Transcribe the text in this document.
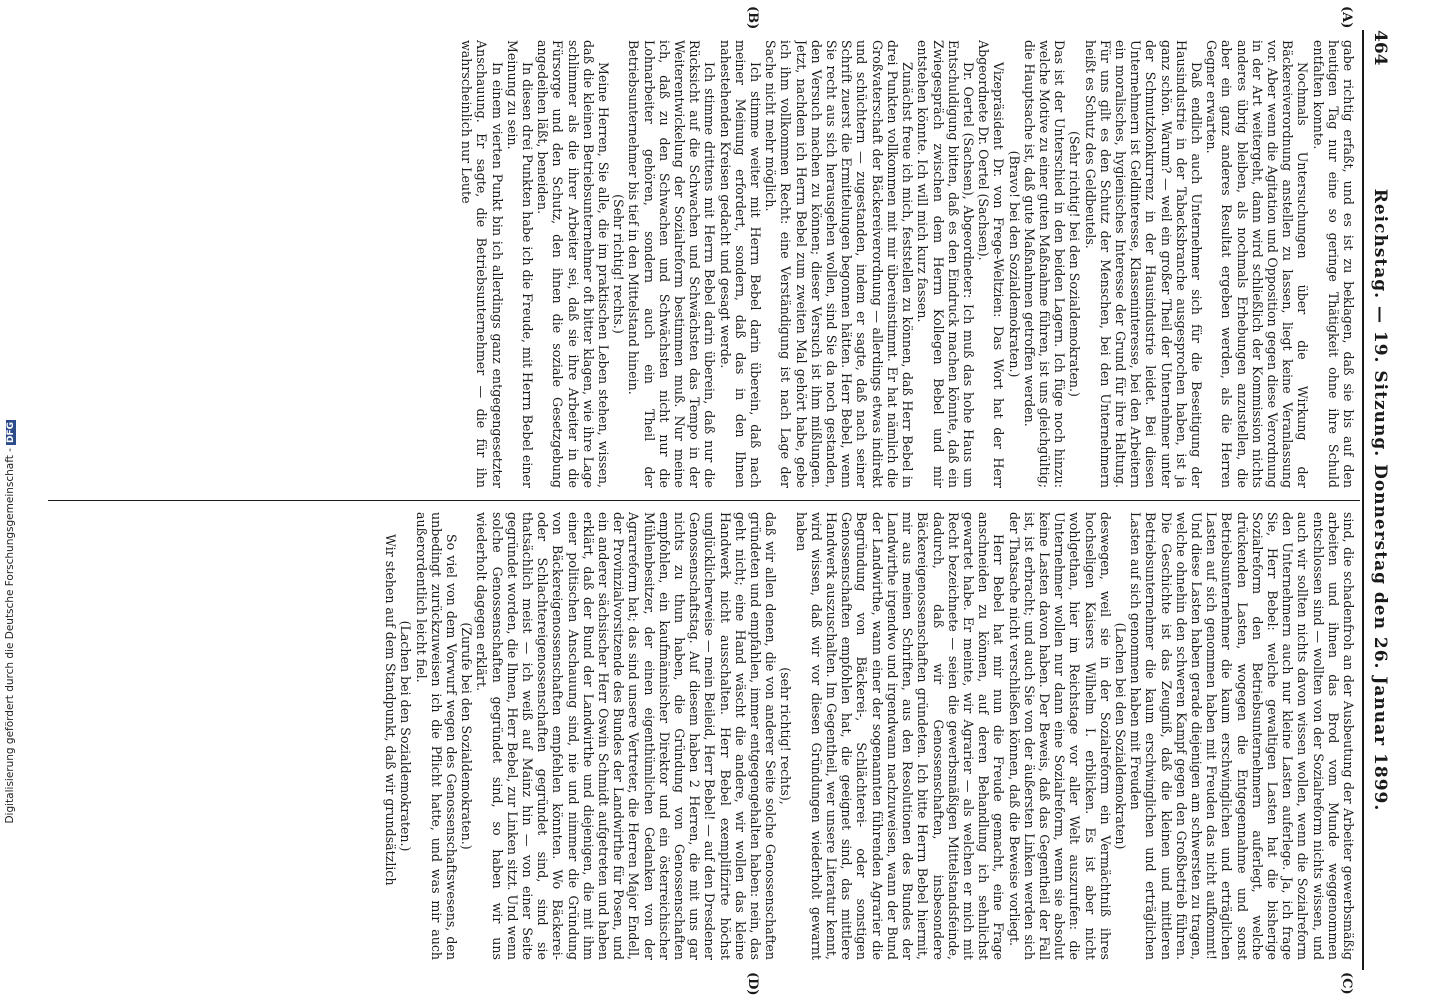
464
Reichstag. — 19. Sitzung. Donnerstag den 26. Januar 1899.
(A)
(B)
(C)
(D)

gabe richtig erfaßt, und es ist zu beklagen, daß sie bis auf den heutigen Tag nur eine so geringe Thätigkeit ohne ihre Schuld entfalten konnte.

Nochmals Untersuchungen über die Wirkung der Bäckereiverordnung anstellen zu lassen, liegt keine Veranlassung vor. Aber wenn die Agitation und Opposition gegen diese Verordnung in der Art weitergeht, dann wird schließlich der Kommission nichts anderes übrig bleiben, als nochmals Erhebungen anzustellen, die aber ein ganz anderes Resultat ergeben werden, als die Herren Gegner erwarten.

Daß endlich auch Unternehmer sich für die Beseitigung der Hausindustrie in der Tabacksbranche ausgesprochen haben, ist ja ganz schön. Warum? — weil ein großer Theil der Unternehmer unter der Schmutzkonkurrenz in der Hausindustrie leidet. Bei diesen Unternehmern ist Geldinteresse, Klasseninteresse, bei den Arbeitern ein moralisches, hygienisches Interesse der Grund für ihre Haltung. Für uns gilt es den Schutz der Menschen, bei den Unternehmern heißt es Schutz des Geldbeutels.

(Sehr richtig! bei den Sozialdemokraten.)

Das ist der Unterschied in den beiden Lagern. Ich füge noch hinzu: welche Motive zu einer guten Maßnahme führen, ist uns gleichgültig; die Hauptsache ist, daß gute Maßnahmen getroffen werden.

(Bravo! bei den Sozialdemokraten.)

Vizepräsident Dr. von Frege-Weltzien: Das Wort hat der Herr Abgeordnete Dr. Oertel (Sachsen).

Dr. Oertel (Sachsen), Abgeordneter: Ich muß das hohe Haus um Entschuldigung bitten, daß es den Eindruck machen könnte, daß ein Zwiegespräch zwischen dem Herrn Kollegen Bebel und mir entstehen könnte. Ich will mich kurz fassen.

Zunächst freue ich mich, feststellen zu können, daß Herr Bebel in drei Punkten vollkommen mit mir übereinstimmt. Er hat nämlich die Großvaterschaft der Bäckereiverordnung — allerdings etwas indirekt und schüchtern — zugestanden, indem er sagte, daß nach seiner Schrift zuerst die Ermittelungen begonnen hätten. Herr Bebel, wenn Sie recht aus sich herausgehen wollen, sind Sie da noch gestanden, den Versuch machen zu können; dieser Versuch ist ihm mißlungen. Jetzt, nachdem ich Herrn Bebel zum zweiten Mal gehört habe, gebe ich ihm vollkommen Recht: eine Verständigung ist nach Lage der Sache nicht mehr möglich.

Ich stimme weiter mit Herrn Bebel darin überein, daß nach meiner Meinung erfordert, sondern, daß das in den Ihnen nahestehenden Kreisen gedacht und gesagt werde.

Ich stimme drittens mit Herrn Bebel darin überein, daß nur die Rücksicht auf die Schwachen und Schwächsten das Tempo in der Weiterentwickelung der Sozialreform bestimmen muß. Nur meine ich, daß zu den Schwachen und Schwächsten nicht nur die Lohnarbeiter gehören, sondern auch ein Theil der Betriebsunternehmer bis tief in den Mittelstand hinein.

(Sehr richtig! rechts.)

Meine Herren, Sie alle, die im praktischen Leben stehen, wissen, daß die kleinen Betriebsunternehmer oft bitter klagen, wie ihre Lage schlimmer als die ihrer Arbeiter sei, daß sie ihre Arbeiter in die Fürsorge und den Schutz, den ihnen die soziale Gesetzgebung angedeihen läßt, beneiden.

In diesen drei Punkten habe ich die Freude, mit Herrn Bebel einer Meinung zu sein.

In einem vierten Punkt bin ich allerdings ganz entgegengesetzter Anschauung. Er sagte, die Betriebsunternehmer — die für ihn wahrscheinlich nur Leute

sind, die schadenfroh an der Ausbeutung der Arbeiter gewerbsmäßig arbeiten und ihnen das Brod vom Munde weggenommen entschlossen sind — wollten von der Sozialreform nichts wissen, und auch wir sollten nichts davon wissen wollen, wenn die Sozialreform den Unternehmern auch nur kleine Lasten auferlege. Ja, ich frage Sie, Herr Bebel: welche gewaltigen Lasten hat die bisherige Sozialreform den Betriebsunternehmern auferlegt, welche drückenden Lasten, wogegen die Entgegennahme und sonst Betriebsunternehmer die kaum erschwinglichen und erträglichen Lasten auf sich genommen haben mit Freuden das nicht aufkommt! Und diese Lasten haben gerade diejenigen am schwersten zu tragen, welche ohnehin den schweren Kampf gegen den Großbetrieb führen. Die Geschichte ist das Zeugniß, daß die kleinen und mittleren Betriebsunternehmer die kaum erschwinglichen und erträglichen Lasten auf sich genommen haben mit Freuden

(Lachen bei den Sozialdemokraten)

deswegen, weil sie in der Sozialreform ein Vermächtniß ihres hochseligen Kaisers Wilhelm I. erblicken. Es ist aber nicht wohlgethan, hier im Reichstage vor aller Welt auszurufen: die Unternehmer wollen nur dann eine Sozialreform, wenn sie absolut keine Lasten davon haben. Der Beweis, daß das Gegentheil der Fall ist, ist erbracht; und auch Sie von der äußersten Linken werden sich der Thatsache nicht verschließen können, daß die Beweise vorliegt.

Herr Bebel hat mir nun die Freude gemacht, eine Frage anschneiden zu können, auf deren Behandlung ich sehnlichst gewartet habe. Er meinte, wir Agrarier — als welchen er mich mit Recht bezeichnete — seien die gewerbsmäßigen Mittelstandsfeinde, dadurch, daß wir Genossenschaften, insbesondere Bäckereigenossenschaften gründeten. Ich bitte Herrn Bebel hiermit, mir aus meinen Schriften, aus den Resolutionen des Bundes der Landwirthe irgendwo und irgendwann nachzuweisen, wann der Bund der Landwirthe, wann einer der sogenannten führenden Agrarier die Begründung von Bäckerei-, Schlächterei- oder sonstigen Genossenschaften empfohlen hat, die geeignet sind, das mittlere Handwerk auszuschalten. Im Gegentheil, wer unsere Literatur kennt, wird wissen, daß wir vor diesen Gründungen wiederholt gewarnt haben

(sehr richtig! rechts),

daß wir allen denen, die von anderer Seite solche Genossenschaften gründeten und empfahlen, immer entgegengehalten haben: nein, das geht nicht; eine Hand wäscht die andere, wir wollen das kleine Handwerk nicht ausschalten. Herr Bebel exemplifizirte höchst unglücklicherweise — mein Beileid, Herr Bebel! — auf den Dresdener Genossenschaftstag. Auf diesem haben 2 Herren, die mit uns gar nichts zu thun haben, die Gründung von Genossenschaften empfohlen, ein kaufmännischer Direktor und ein österreichischer Mühlenbesitzer, der einen eigenthümlichen Gedanken von der Agrarreform hat; das sind unsere Vertreter, die Herren Major Endell, der Provinzialvorsitzende des Bundes der Landwirthe für Posen, und ein anderer sächsischer Herr Oswin Schmidt aufgetreten und haben erklärt, daß der Bund der Landwirthe und diejenigen, die mit ihm einer politischen Anschauung sind, nie und nimmer die Gründung von Bäckereigenossenschaften empfehlen könnten. Wo Bäckerei- oder Schlachtereigenossenschaften gegründet sind, sind sie thatsächlich meist — ich weiß auf Mainz hin — von einer Seite gegründet worden, die Ihnen, Herr Bebel, zur Linken sitzt. Und wenn solche Genossenschaften gegründet sind, so haben wir uns wiederholt dagegen erklärt.

(Zurufe bei den Sozialdemokraten.)

So viel von dem Vorwurf wegen des Genossenschaftswesens, den unbedingt zurückzuweisen ich die Pflicht hatte, und was mir auch außerordentlich leicht fiel.

(Lachen bei den Sozialdemokraten.)

Wir stehen auf dem Standpunkt, daß wir grundsätzlich

Digitalisierung gefördert durch die Deutsche Forschungsgemeinschaft -DFG
